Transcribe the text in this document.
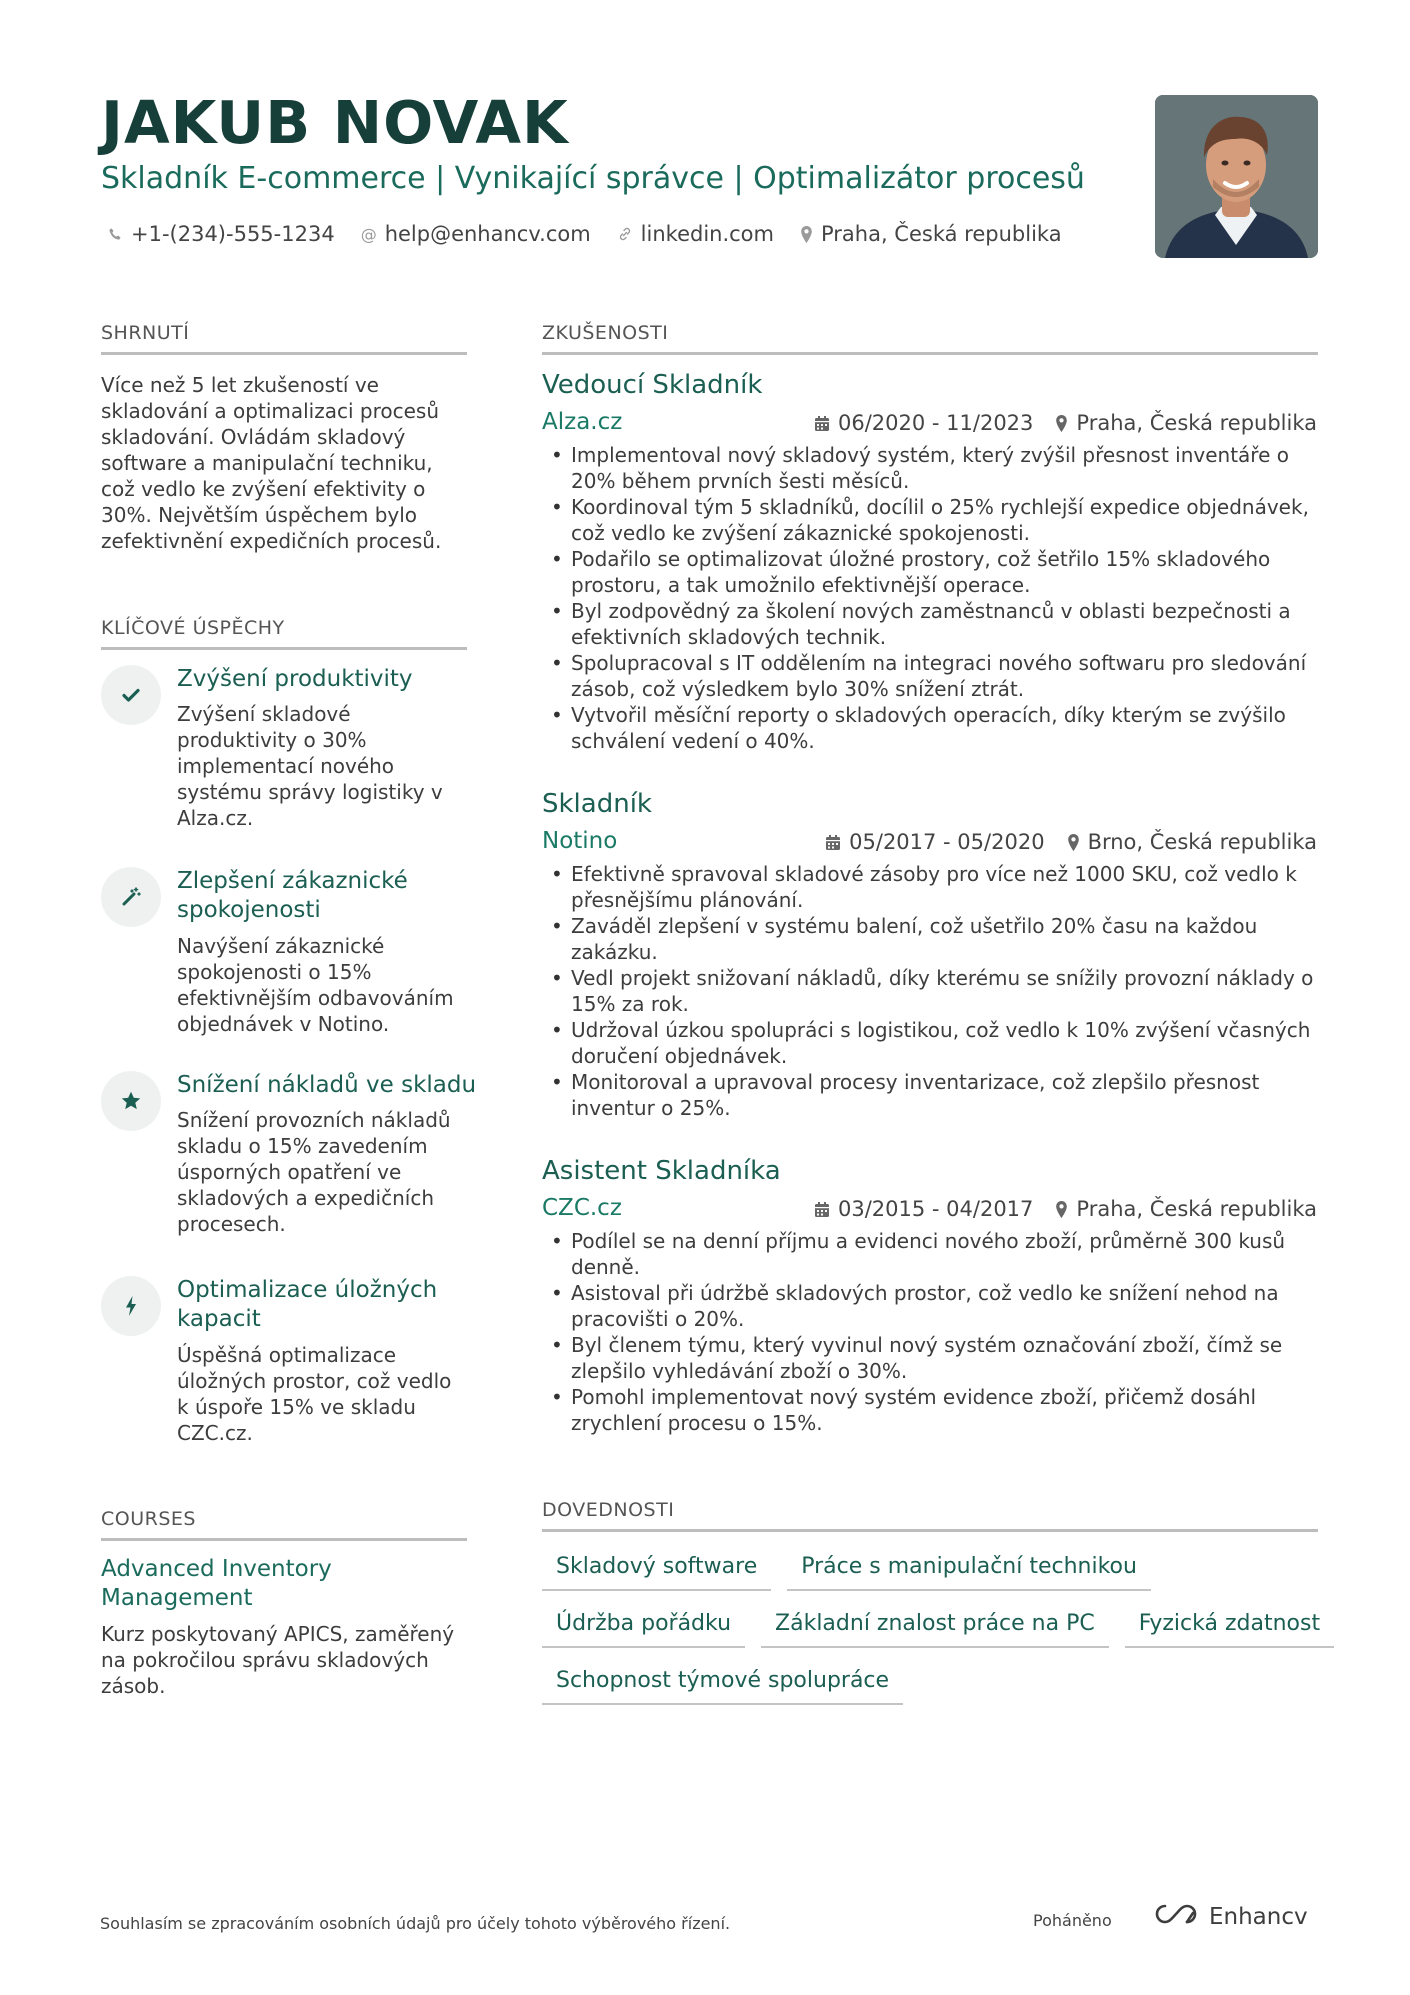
JAKUB NOVAK
Skladník E-commerce | Vynikající správce | Optimalizátor procesů
+1-(234)-555-1234 @ help@enhancv.com linkedin.com Praha, Česká republika
SHRNUTÍ
Více než 5 let zkušeností ve skladování a optimalizaci procesů skladování. Ovládám skladový software a manipulační techniku, což vedlo ke zvýšení efektivity o 30%. Největším úspěchem bylo zefektivnění expedičních procesů.
KLÍČOVÉ ÚSPĚCHY
Zvýšení produktivity
Zvýšení skladové produktivity o 30% implementací nového systému správy logistiky v Alza.cz.
Zlepšení zákaznické spokojenosti
Navýšení zákaznické spokojenosti o 15% efektivnějším odbavováním objednávek v Notino.
Snížení nákladů ve skladu
Snížení provozních nákladů skladu o 15% zavedením úsporných opatření ve skladových a expedičních procesech.
Optimalizace úložných kapacit
Úspěšná optimalizace úložných prostor, což vedlo k úspoře 15% ve skladu CZC.cz.
COURSES
Advanced Inventory Management
Kurz poskytovaný APICS, zaměřený na pokročilou správu skladových zásob.
ZKUŠENOSTI
Vedoucí Skladník
Alza.cz	06/2020 - 11/2023 Praha, Česká republika
• Implementoval nový skladový systém, který zvýšil přesnost inventáře o 20% během prvních šesti měsíců.
• Koordinoval tým 5 skladníků, docílil o 25% rychlejší expedice objednávek, což vedlo ke zvýšení zákaznické spokojenosti.
• Podařilo se optimalizovat úložné prostory, což šetřilo 15% skladového prostoru, a tak umožnilo efektivnější operace.
• Byl zodpovědný za školení nových zaměstnanců v oblasti bezpečnosti a efektivních skladových technik.
• Spolupracoval s IT oddělením na integraci nového softwaru pro sledování zásob, což výsledkem bylo 30% snížení ztrát.
• Vytvořil měsíční reporty o skladových operacích, díky kterým se zvýšilo schválení vedení o 40%.
Skladník
Notino	05/2017 - 05/2020 Brno, Česká republika
• Efektivně spravoval skladové zásoby pro více než 1000 SKU, což vedlo k přesnějšímu plánování.
• Zaváděl zlepšení v systému balení, což ušetřilo 20% času na každou zakázku.
• Vedl projekt snižovaní nákladů, díky kterému se snížily provozní náklady o 15% za rok.
• Udržoval úzkou spolupráci s logistikou, což vedlo k 10% zvýšení včasných doručení objednávek.
• Monitoroval a upravoval procesy inventarizace, což zlepšilo přesnost inventur o 25%.
Asistent Skladníka
CZC.cz	03/2015 - 04/2017 Praha, Česká republika
• Podílel se na denní příjmu a evidenci nového zboží, průměrně 300 kusů denně.
• Asistoval při údržbě skladových prostor, což vedlo ke snížení nehod na pracovišti o 20%.
• Byl členem týmu, který vyvinul nový systém označování zboží, čímž se zlepšilo vyhledávání zboží o 30%.
• Pomohl implementovat nový systém evidence zboží, přičemž dosáhl zrychlení procesu o 15%.
DOVEDNOSTI
Skladový software	Práce s manipulační technikou
Údržba pořádku	Základní znalost práce na PC	Fyzická zdatnost
Schopnost týmové spolupráce
Souhlasím se zpracováním osobních údajů pro účely tohoto výběrového řízení.	Poháněno	Enhancv
